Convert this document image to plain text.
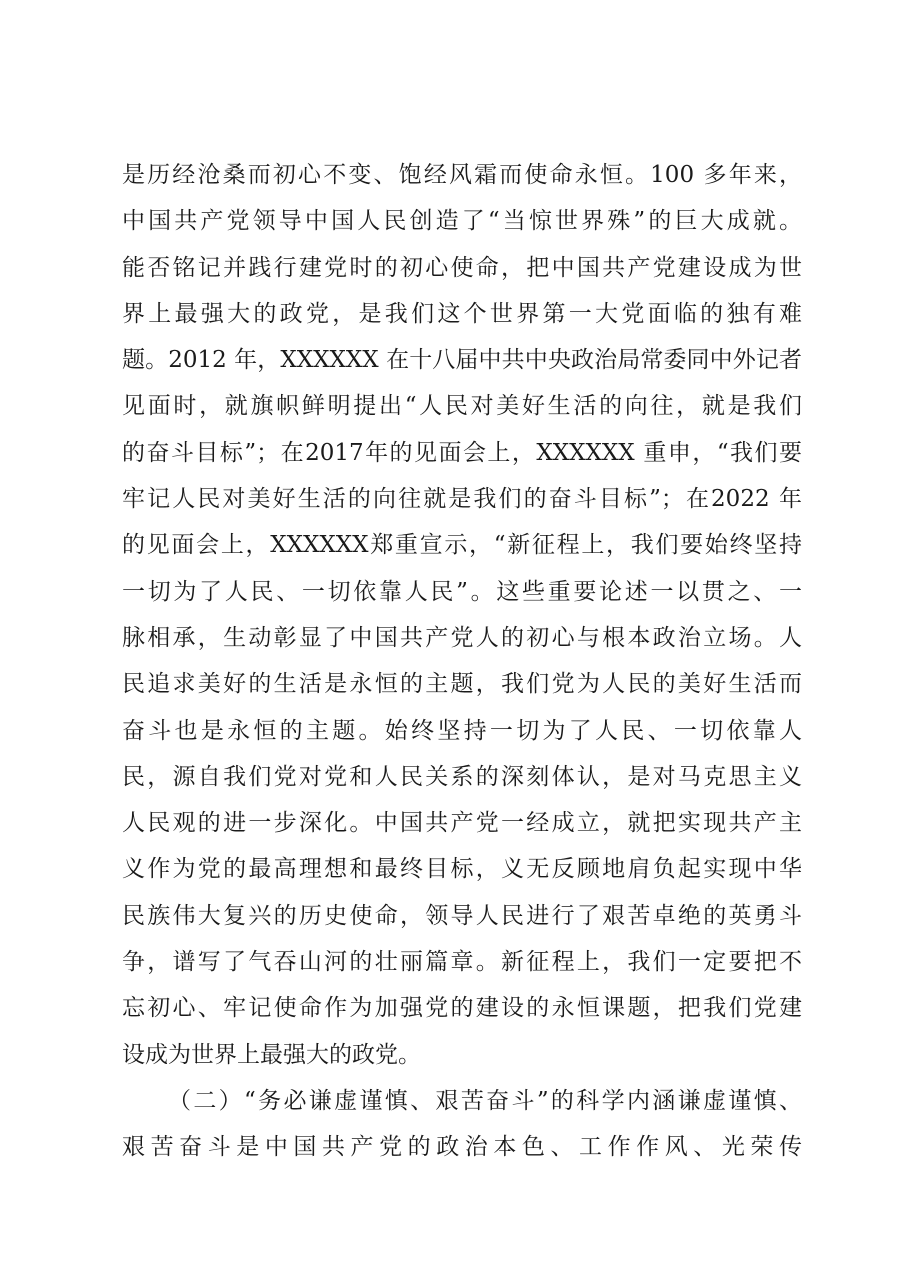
是历经沧桑而初心不变、饱经风霜而使命永恒。100 多年来，
中国共产党领导中国人民创造了“当惊世界殊”的巨大成就。
能否铭记并践行建党时的初心使命，把中国共产党建设成为世
界上最强大的政党，是我们这个世界第一大党面临的独有难
题。2012 年，XXXXXX 在十八届中共中央政治局常委同中外记者
见面时，就旗帜鲜明提出“人民对美好生活的向往，就是我们
的奋斗目标”；在2017年的见面会上，XXXXXX 重申，“我们要
牢记人民对美好生活的向往就是我们的奋斗目标”；在2022 年
的见面会上，XXXXXX郑重宣示，“新征程上，我们要始终坚持
一切为了人民、一切依靠人民”。这些重要论述一以贯之、一
脉相承，生动彰显了中国共产党人的初心与根本政治立场。人
民追求美好的生活是永恒的主题，我们党为人民的美好生活而
奋斗也是永恒的主题。始终坚持一切为了人民、一切依靠人
民，源自我们党对党和人民关系的深刻体认，是对马克思主义
人民观的进一步深化。中国共产党一经成立，就把实现共产主
义作为党的最高理想和最终目标，义无反顾地肩负起实现中华
民族伟大复兴的历史使命，领导人民进行了艰苦卓绝的英勇斗
争，谱写了气吞山河的壮丽篇章。新征程上，我们一定要把不
忘初心、牢记使命作为加强党的建设的永恒课题，把我们党建
设成为世界上最强大的政党。
（二）“务必谦虚谨慎、艰苦奋斗”的科学内涵谦虚谨慎、
艰苦奋斗是中国共产党的政治本色、工作作风、光荣传
